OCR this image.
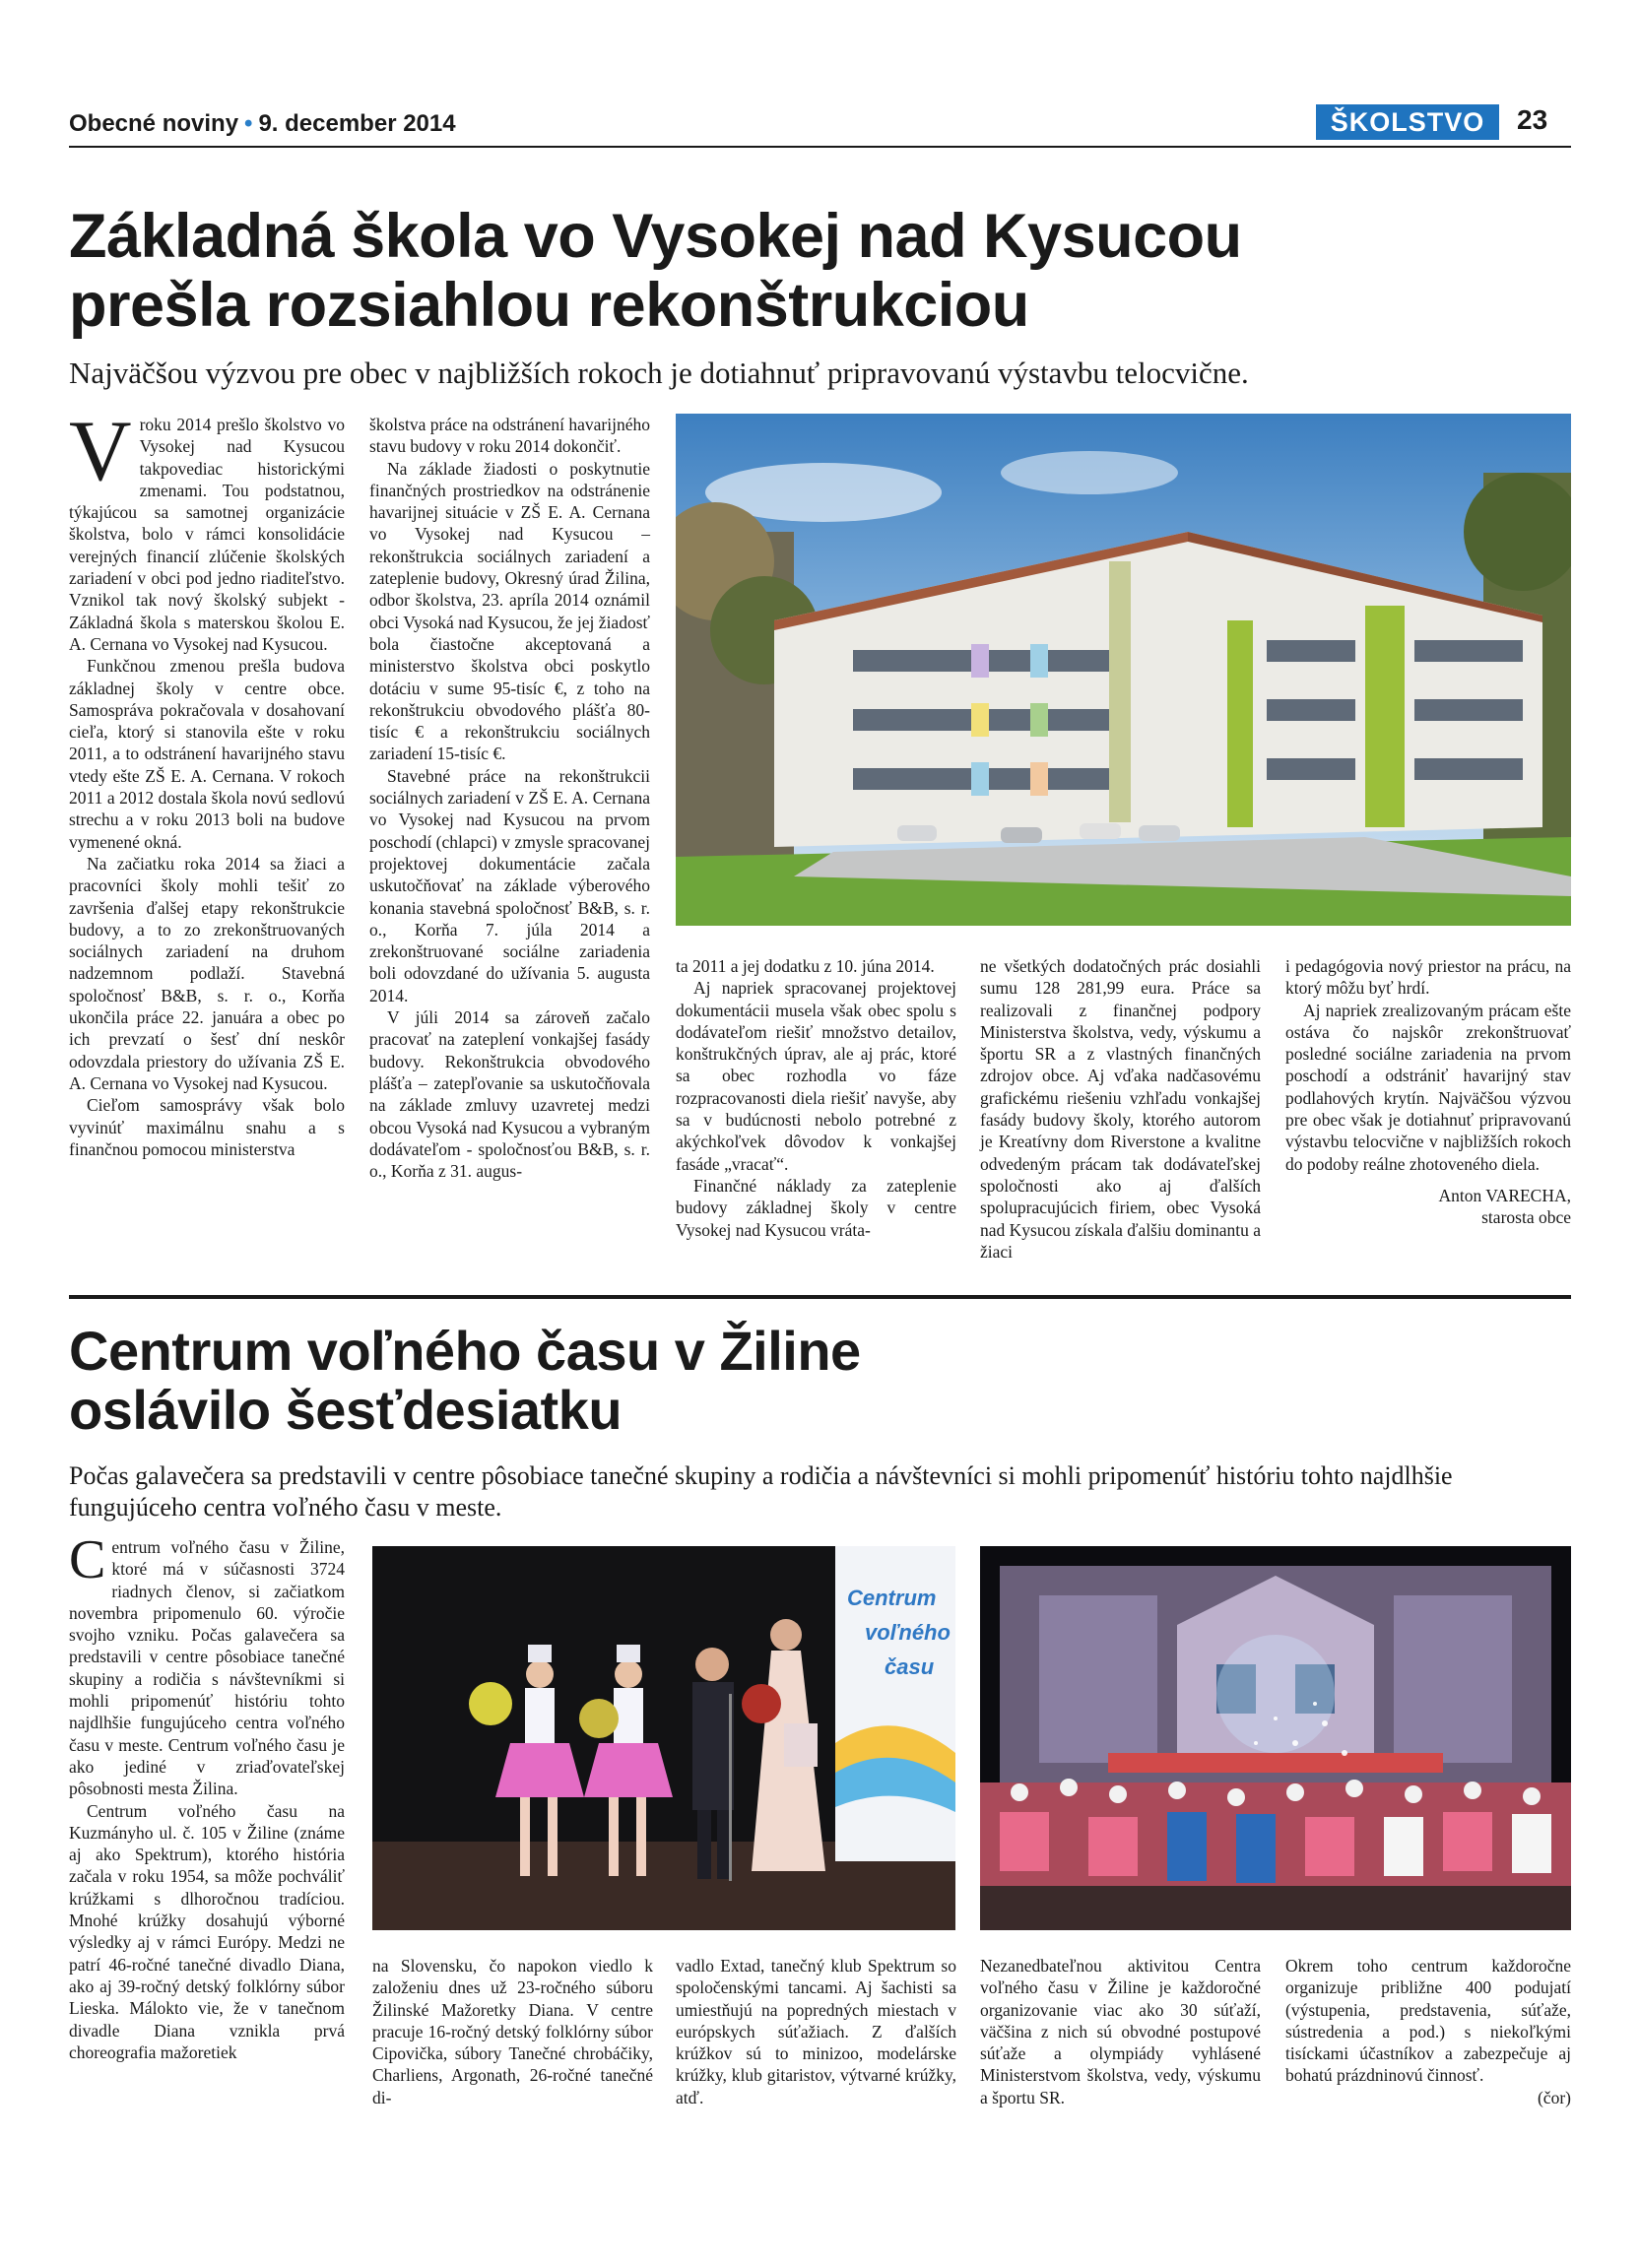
Obecné noviny • 9. december 2014	ŠKOLSTVO	23
Základná škola vo Vysokej nad Kysucou
prešla rozsiahlou rekonštrukciou
Najväčšou výzvou pre obec v najbližších rokoch je dotiahnuť pripravovanú výstavbu telocvične.
V roku 2014 prešlo školstvo vo Vysokej nad Kysucou takpovediac historickými zmenami. Tou podstatnou, týkajúcou sa samotnej organizácie školstva, bolo v rámci konsolidácie verejných financií zlúčenie školských zariadení v obci pod jedno riaditeľstvo. Vznikol tak nový školský subjekt - Základná škola s materskou školou E. A. Cernana vo Vysokej nad Kysucou.

Funkčnou zmenou prešla budova základnej školy v centre obce. Samospráva pokračovala v dosahovaní cieľa, ktorý si stanovila ešte v roku 2011, a to odstránení havarijného stavu vtedy ešte ZŠ E. A. Cernana. V rokoch 2011 a 2012 dostala škola novú sedlovú strechu a v roku 2013 boli na budove vymenené okná.

Na začiatku roka 2014 sa žiaci a pracovníci školy mohli tešiť zo završenia ďalšej etapy rekonštrukcie budovy, a to zo zrekonštruovaných sociálnych zariadení na druhom nadzemnom podlaží. Stavebná spoločnosť B&B, s. r. o., Korňa ukončila práce 22. januára a obec po ich prevzatí o šesť dní neskôr odovzdala priestory do užívania ZŠ E. A. Cernana vo Vysokej nad Kysucou.

Cieľom samosprávy však bolo vyvinúť maximálnu snahu a s finančnou pomocou ministerstva

školstva práce na odstránení havarijného stavu budovy v roku 2014 dokončiť.

Na základe žiadosti o poskytnutie finančných prostriedkov na odstránenie havarijnej situácie v ZŠ E. A. Cernana vo Vysokej nad Kysucou – rekonštrukcia sociálnych zariadení a zateplenie budovy, Okresný úrad Žilina, odbor školstva, 23. apríla 2014 oznámil obci Vysoká nad Kysucou, že jej žiadosť bola čiastočne akceptovaná a ministerstvo školstva obci poskytlo dotáciu v sume 95-tisíc €, z toho na rekonštrukciu obvodového plášťa 80-tisíc € a rekonštrukciu sociálnych zariadení 15-tisíc €.

Stavebné práce na rekonštrukcii sociálnych zariadení v ZŠ E. A. Cernana vo Vysokej nad Kysucou na prvom poschodí (chlapci) v zmysle spracovanej projektovej dokumentácie začala uskutočňovať na základe výberového konania stavebná spoločnosť B&B, s. r. o., Korňa 7. júla 2014 a zrekonštruované sociálne zariadenia boli odovzdané do užívania 5. augusta 2014.

V júli 2014 sa zároveň začalo pracovať na zateplení vonkajšej fasády budovy. Rekonštrukcia obvodového plášťa – zatepľovanie sa uskutočňovala na základe zmluvy uzavretej medzi obcou Vysoká nad Kysucou a vybraným dodávateľom - spoločnosťou B&B, s. r. o., Korňa z 31. augus-

ta 2011 a jej dodatku z 10. júna 2014.

Aj napriek spracovanej projektovej dokumentácii musela však obec spolu s dodávateľom riešiť množstvo detailov, konštrukčných úprav, ale aj prác, ktoré sa obec rozhodla vo fáze rozpracovanosti diela riešiť navyše, aby sa v budúcnosti nebolo potrebné z akýchkoľvek dôvodov k vonkajšej fasáde „vracať“.

Finančné náklady za zateplenie budovy základnej školy v centre Vysokej nad Kysucou vráta-

ne všetkých dodatočných prác dosiahli sumu 128 281,99 eura. Práce sa realizovali z finančnej podpory Ministerstva školstva, vedy, výskumu a športu SR a z vlastných finančných zdrojov obce. Aj vďaka nadčasovému grafickému riešeniu vzhľadu vonkajšej fasády budovy školy, ktorého autorom je Kreatívny dom Riverstone a kvalitne odvedeným prácam tak dodávateľskej spoločnosti ako aj ďalších spolupracujúcich firiem, obec Vysoká nad Kysucou získala ďalšiu dominantu a žiaci

i pedagógovia nový priestor na prácu, na ktorý môžu byť hrdí.

Aj napriek zrealizovaným prácam ešte ostáva čo najskôr zrekonštruovať posledné sociálne zariadenia na prvom poschodí a odstrániť havarijný stav podlahových krytín. Najväčšou výzvou pre obec však je dotiahnuť pripravovanú výstavbu telocvične v najbližších rokoch do podoby reálne zhotoveného diela.

Anton VARECHA,
starosta obce
Centrum voľného času v Žiline
oslávilo šesťdesiatku
Počas galavečera sa predstavili v centre pôsobiace tanečné skupiny a rodičia a návštevníci si mohli pripomenúť históriu tohto najdlhšie fungujúceho centra voľného času v meste.
C entrum voľného času v Žiline, ktoré má v súčasnosti 3724 riadnych členov, si začiatkom novembra pripomenulo 60. výročie svojho vzniku. Počas galavečera sa predstavili v centre pôsobiace tanečné skupiny a rodičia s návštevníkmi si mohli pripomenúť históriu tohto najdlhšie fungujúceho centra voľného času v meste. Centrum voľného času je ako jediné v zriaďovateľskej pôsobnosti mesta Žilina.

Centrum voľného času na Kuzmányho ul. č. 105 v Žiline (známe aj ako Spektrum), ktorého história začala v roku 1954, sa môže pochváliť krúžkami s dlhoročnou tradíciou. Mnohé krúžky dosahujú výborné výsledky aj v rámci Európy. Medzi ne patrí 46-ročné tanečné divadlo Diana, ako aj 39-ročný detský folklórny súbor Lieska. Málokto vie, že v tanečnom divadle Diana vznikla prvá choreografia mažoretiek

Centrum
voľného
času

na Slovensku, čo napokon viedlo k založeniu dnes už 23-ročného súboru Žilinské Mažoretky Diana. V centre pracuje 16-ročný detský folklórny súbor Cipovička, súbory Tanečné chrobáčiky, Charliens, Argonath, 26-ročné tanečné di-

vadlo Extad, tanečný klub Spektrum so spoločenskými tancami. Aj šachisti sa umiestňujú na popredných miestach v európskych súťažiach. Z ďalších krúžkov sú to minizoo, modelárske krúžky, klub gitaristov, výtvarné krúžky, atď.

Nezanedbateľnou aktivitou Centra voľného času v Žiline je každoročné organizovanie viac ako 30 súťaží, väčšina z nich sú obvodné postupové súťaže a olympiády vyhlásené Ministerstvom školstva, vedy, výskumu a športu SR.

Okrem toho centrum každoročne organizuje približne 400 podujatí (výstupenia, predstavenia, súťaže, sústredenia a pod.) s niekoľkými tisíckami účastníkov a zabezpečuje aj bohatú prázdninovú činnosť.

(čor)
